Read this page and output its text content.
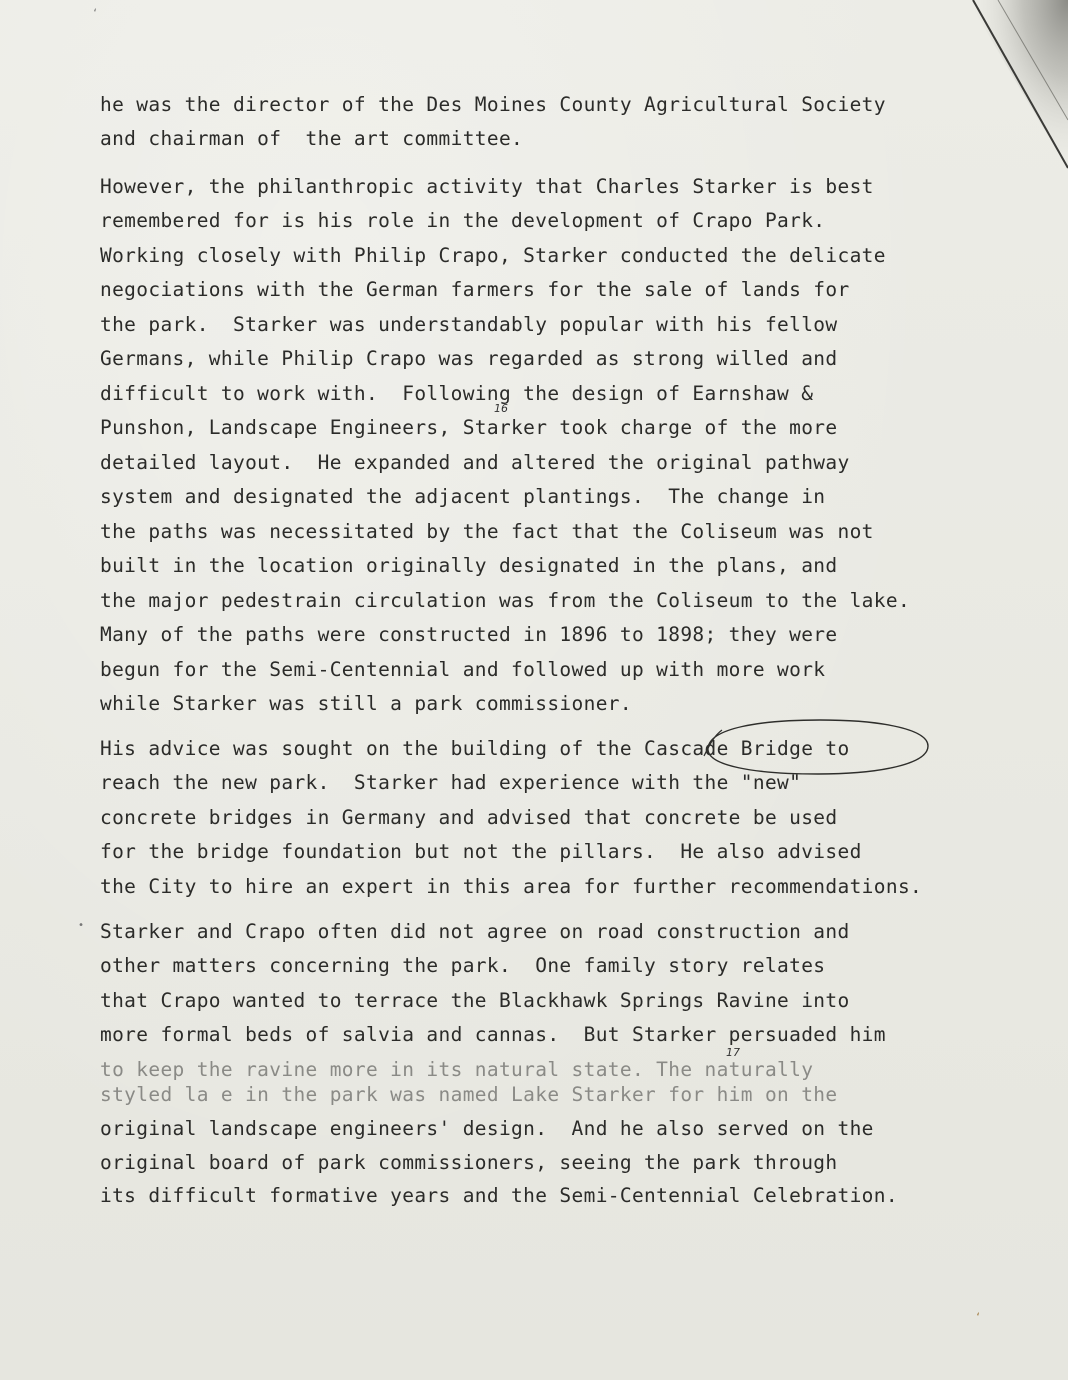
‘
•
‘
he was the director of the Des Moines County Agricultural Society
and chairman of  the art committee.
However, the philanthropic activity that Charles Starker is best
remembered for is his role in the development of Crapo Park.
Working closely with Philip Crapo, Starker conducted the delicate
negociations with the German farmers for the sale of lands for
the park.  Starker was understandably popular with his fellow
Germans, while Philip Crapo was regarded as strong willed and
difficult to work with.  Following the design of Earnshaw &
Punshon, Landscape Engineers, Starker took charge of the more
16
detailed layout.  He expanded and altered the original pathway
system and designated the adjacent plantings.  The change in
the paths was necessitated by the fact that the Coliseum was not
built in the location originally designated in the plans, and
the major pedestrain circulation was from the Coliseum to the lake.
Many of the paths were constructed in 1896 to 1898; they were
begun for the Semi-Centennial and followed up with more work
while Starker was still a park commissioner.
His advice was sought on the building of the Cascade Bridge to
reach the new park.  Starker had experience with the "new"
concrete bridges in Germany and advised that concrete be used
for the bridge foundation but not the pillars.  He also advised
the City to hire an expert in this area for further recommendations.
Starker and Crapo often did not agree on road construction and
other matters concerning the park.  One family story relates
that Crapo wanted to terrace the Blackhawk Springs Ravine into
more formal beds of salvia and cannas.  But Starker persuaded him
to keep the ravine more in its natural state. The naturally
17
styled la e in the park was named Lake Starker for him on the
original landscape engineers' design.  And he also served on the
original board of park commissioners, seeing the park through
its difficult formative years and the Semi-Centennial Celebration.
